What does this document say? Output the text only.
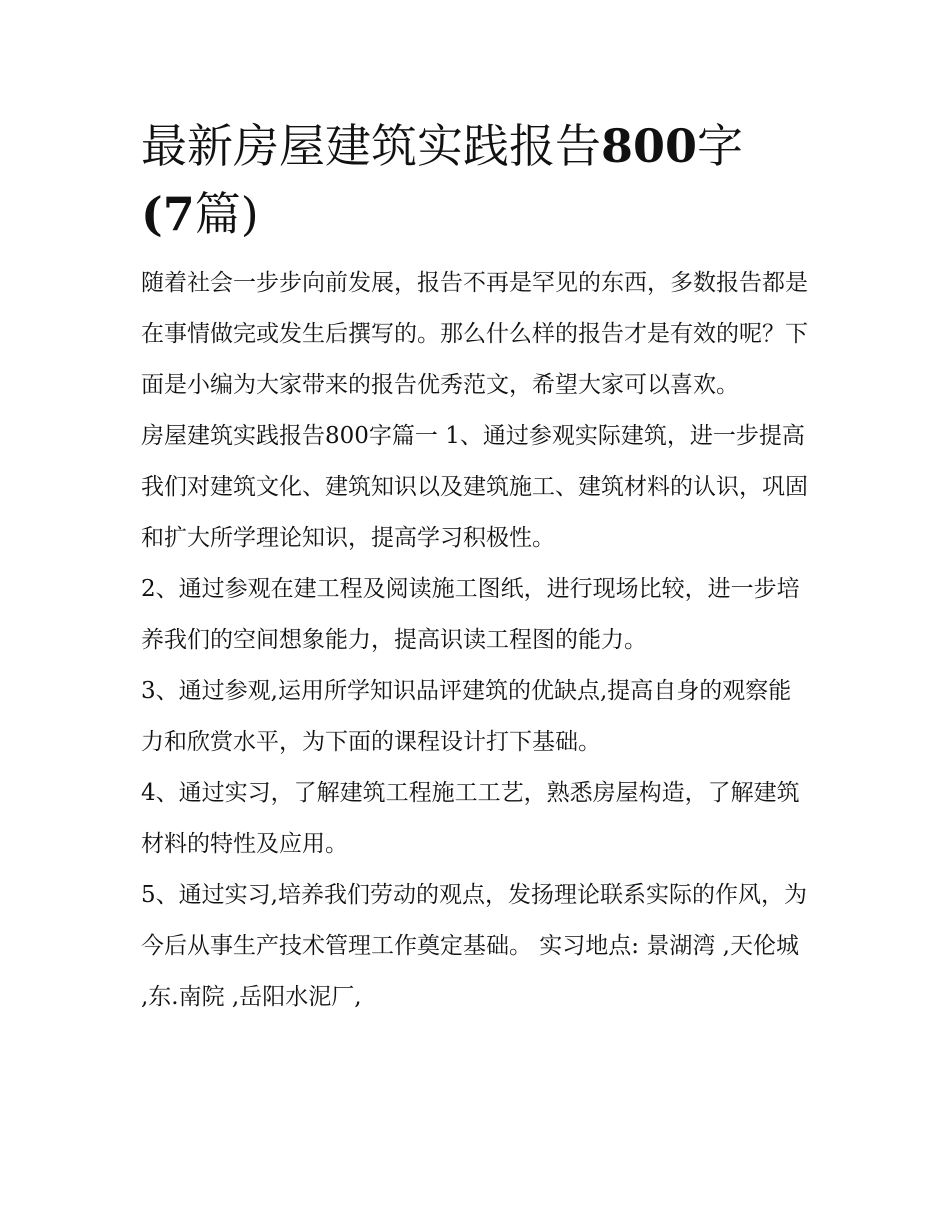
最新房屋建筑实践报告800字
(7篇)

随着社会一步步向前发展，报告不再是罕见的东西，多数报告都是在事情做完或发生后撰写的。那么什么样的报告才是有效的呢？下面是小编为大家带来的报告优秀范文，希望大家可以喜欢。

房屋建筑实践报告800字篇一 1、通过参观实际建筑，进一步提高我们对建筑文化、建筑知识以及建筑施工、建筑材料的认识，巩固和扩大所学理论知识，提高学习积极性。

2、通过参观在建工程及阅读施工图纸，进行现场比较，进一步培养我们的空间想象能力，提高识读工程图的能力。

3、通过参观,运用所学知识品评建筑的优缺点,提高自身的观察能力和欣赏水平，为下面的课程设计打下基础。

4、通过实习，了解建筑工程施工工艺，熟悉房屋构造，了解建筑材料的特性及应用。

5、通过实习,培养我们劳动的观点，发扬理论联系实际的作风，为今后从事生产技术管理工作奠定基础。 实习地点: 景湖湾 ,天伦城 ,东.南院 ,岳阳水泥厂,
